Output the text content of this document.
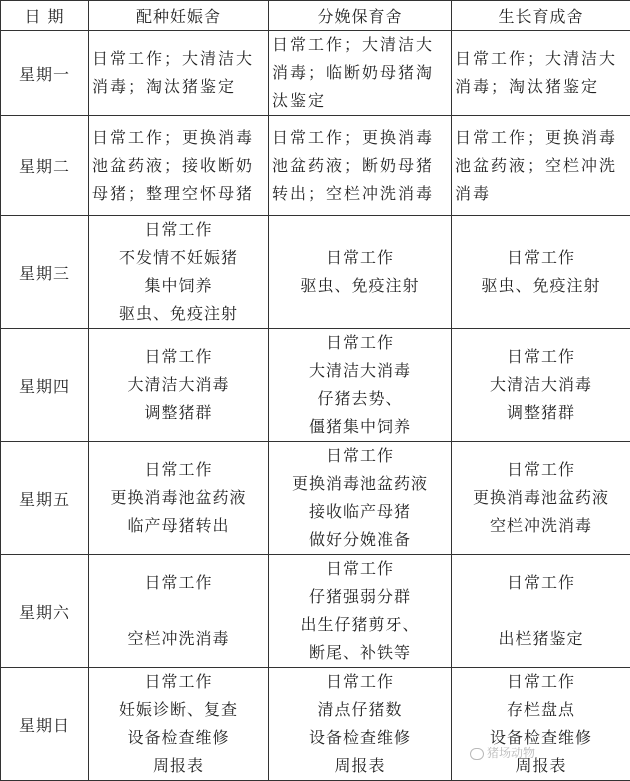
日 期	配种妊娠舍	分娩保育舍	生长育成舍
星期一	日常工作；大清洁大
消毒；淘汰猪鉴定	日常工作；大清洁大
消毒；临断奶母猪淘
汰鉴定	日常工作；大清洁大
消毒；淘汰猪鉴定

星期二	日常工作；更换消毒
池盆药液；接收断奶
母猪；整理空怀母猪	日常工作；更换消毒
池盆药液；断奶母猪
转出；空栏冲洗消毒	日常工作；更换消毒
池盆药液；空栏冲洗
消毒

星期三	日常工作
不发情不妊娠猪
集中饲养
驱虫、免疫注射	日常工作
驱虫、免疫注射	日常工作
驱虫、免疫注射

星期四	日常工作
大清洁大消毒
调整猪群	日常工作
大清洁大消毒
仔猪去势、
僵猪集中饲养	日常工作
大清洁大消毒
调整猪群

星期五	日常工作
更换消毒池盆药液
临产母猪转出	日常工作
更换消毒池盆药液
接收临产母猪
做好分娩准备	日常工作
更换消毒池盆药液
空栏冲洗消毒

星期六	日常工作
空栏冲洗消毒	日常工作
仔猪强弱分群
出生仔猪剪牙、
断尾、补铁等	日常工作
出栏猪鉴定

星期日	日常工作
妊娠诊断、复查
设备检查维修
周报表	日常工作
清点仔猪数
设备检查维修
周报表	日常工作
存栏盘点
设备检查维修
周报表
猪场动物
